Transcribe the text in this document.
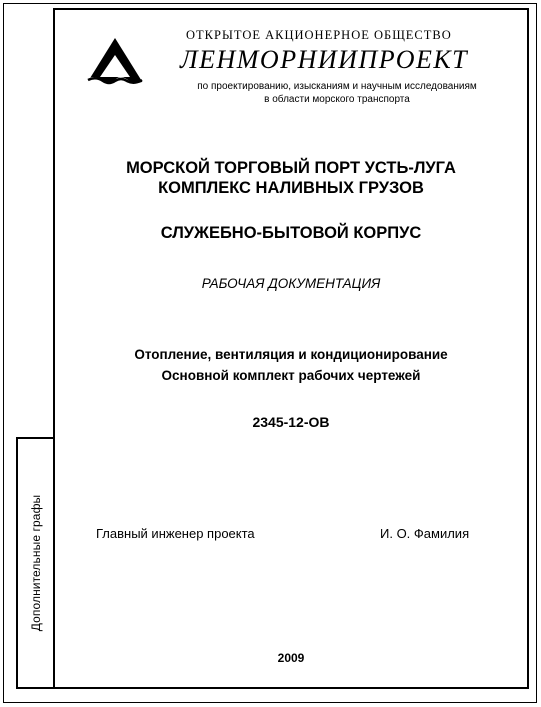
Дополнительные графы
ОТКРЫТОЕ АКЦИОНЕРНОЕ ОБЩЕСТВО
ЛЕНМОРНИИПРОЕКТ
по проектированию, изысканиям и научным исследованиям
в области морского транспорта
МОРСКОЙ ТОРГОВЫЙ ПОРТ УСТЬ-ЛУГА
КОМПЛЕКС НАЛИВНЫХ ГРУЗОВ
СЛУЖЕБНО-БЫТОВОЙ КОРПУС
РАБОЧАЯ ДОКУМЕНТАЦИЯ
Отопление, вентиляция и кондиционирование
Основной комплект рабочих чертежей
2345-12-ОВ
Главный инженер проекта	И. О. Фамилия
2009
